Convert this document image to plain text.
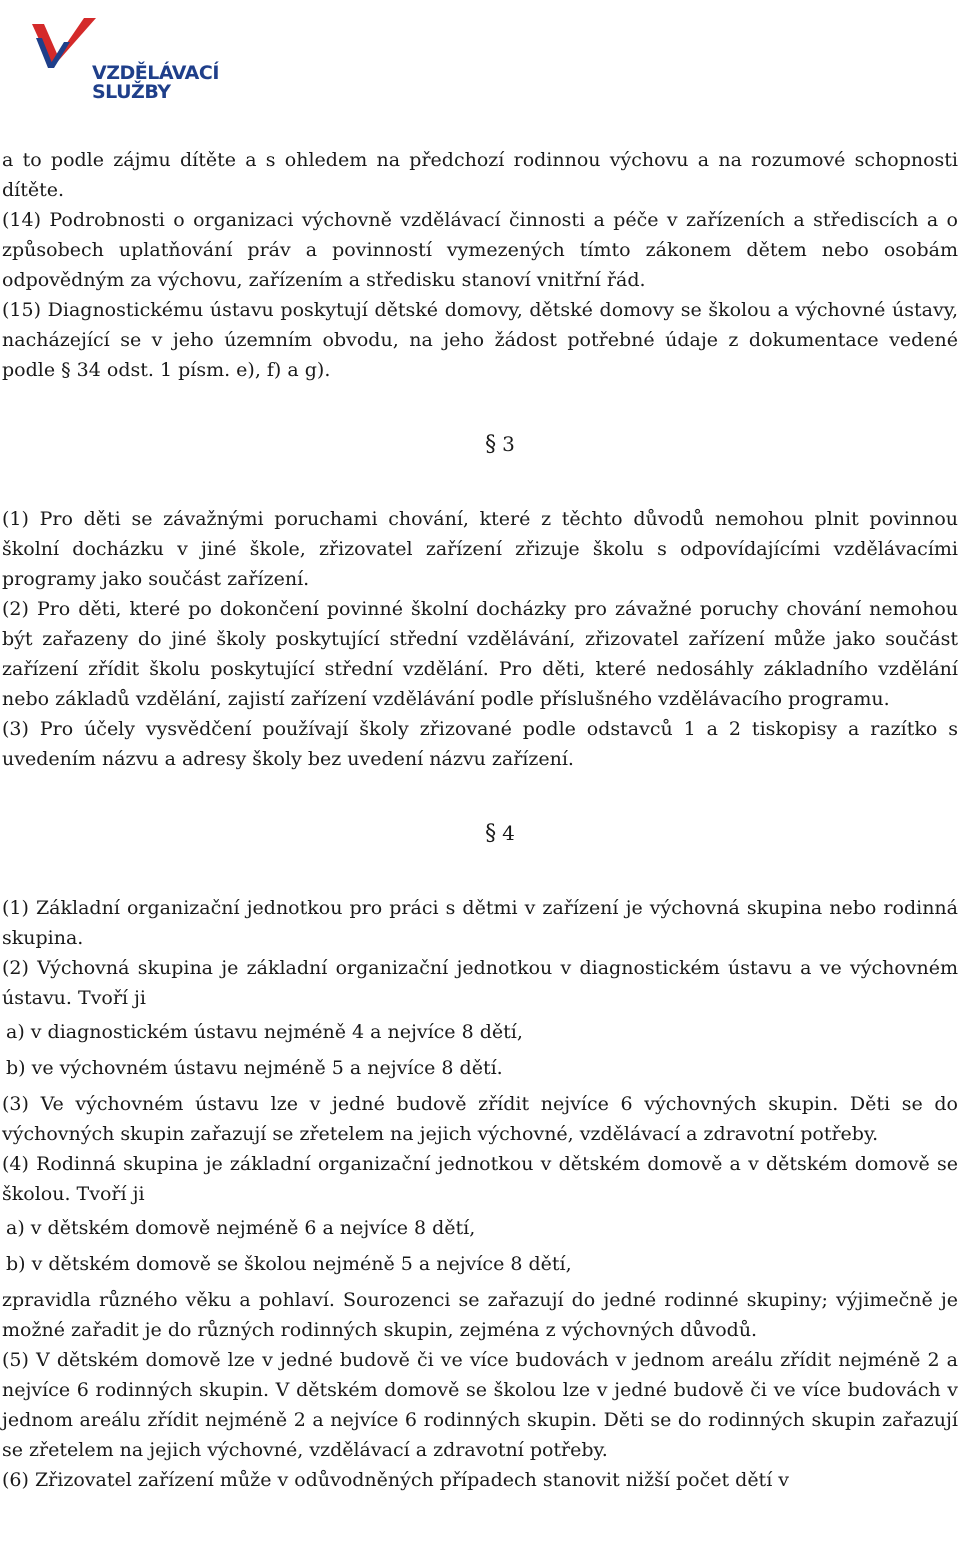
VZDĚLÁVACÍ
SLUŽBY

a to podle zájmu dítěte a s ohledem na předchozí rodinnou výchovu a na rozumové schopnosti dítěte.

(14) Podrobnosti o organizaci výchovně vzdělávací činnosti a péče v zařízeních a střediscích a o způsobech uplatňování práv a povinností vymezených tímto zákonem dětem nebo osobám odpovědným za výchovu, zařízením a středisku stanoví vnitřní řád.

(15) Diagnostickému ústavu poskytují dětské domovy, dětské domovy se školou a výchovné ústavy, nacházející se v jeho územním obvodu, na jeho žádost potřebné údaje z dokumentace vedené podle § 34 odst. 1 písm. e), f) a g).

§ 3

(1) Pro děti se závažnými poruchami chování, které z těchto důvodů nemohou plnit povinnou školní docházku v jiné škole, zřizovatel zařízení zřizuje školu s odpovídajícími vzdělávacími programy jako součást zařízení.

(2) Pro děti, které po dokončení povinné školní docházky pro závažné poruchy chování nemohou být zařazeny do jiné školy poskytující střední vzdělávání, zřizovatel zařízení může jako součást zařízení zřídit školu poskytující střední vzdělání. Pro děti, které nedosáhly základního vzdělání nebo základů vzdělání, zajistí zařízení vzdělávání podle příslušného vzdělávacího programu.

(3) Pro účely vysvědčení používají školy zřizované podle odstavců 1 a 2 tiskopisy a razítko s uvedením názvu a adresy školy bez uvedení názvu zařízení.

§ 4

(1) Základní organizační jednotkou pro práci s dětmi v zařízení je výchovná skupina nebo rodinná skupina.

(2) Výchovná skupina je základní organizační jednotkou v diagnostickém ústavu a ve výchovném ústavu. Tvoří ji

a) v diagnostickém ústavu nejméně 4 a nejvíce 8 dětí,
b) ve výchovném ústavu nejméně 5 a nejvíce 8 dětí.

(3) Ve výchovném ústavu lze v jedné budově zřídit nejvíce 6 výchovných skupin. Děti se do výchovných skupin zařazují se zřetelem na jejich výchovné, vzdělávací a zdravotní potřeby.

(4) Rodinná skupina je základní organizační jednotkou v dětském domově a v dětském domově se školou. Tvoří ji

a) v dětském domově nejméně 6 a nejvíce 8 dětí,
b) v dětském domově se školou nejméně 5 a nejvíce 8 dětí,

zpravidla různého věku a pohlaví. Sourozenci se zařazují do jedné rodinné skupiny; výjimečně je možné zařadit je do různých rodinných skupin, zejména z výchovných důvodů.

(5) V dětském domově lze v jedné budově či ve více budovách v jednom areálu zřídit nejméně 2 a nejvíce 6 rodinných skupin. V dětském domově se školou lze v jedné budově či ve více budovách v jednom areálu zřídit nejméně 2 a nejvíce 6 rodinných skupin. Děti se do rodinných skupin zařazují se zřetelem na jejich výchovné, vzdělávací a zdravotní potřeby.

(6) Zřizovatel zařízení může v odůvodněných případech stanovit nižší počet dětí v
